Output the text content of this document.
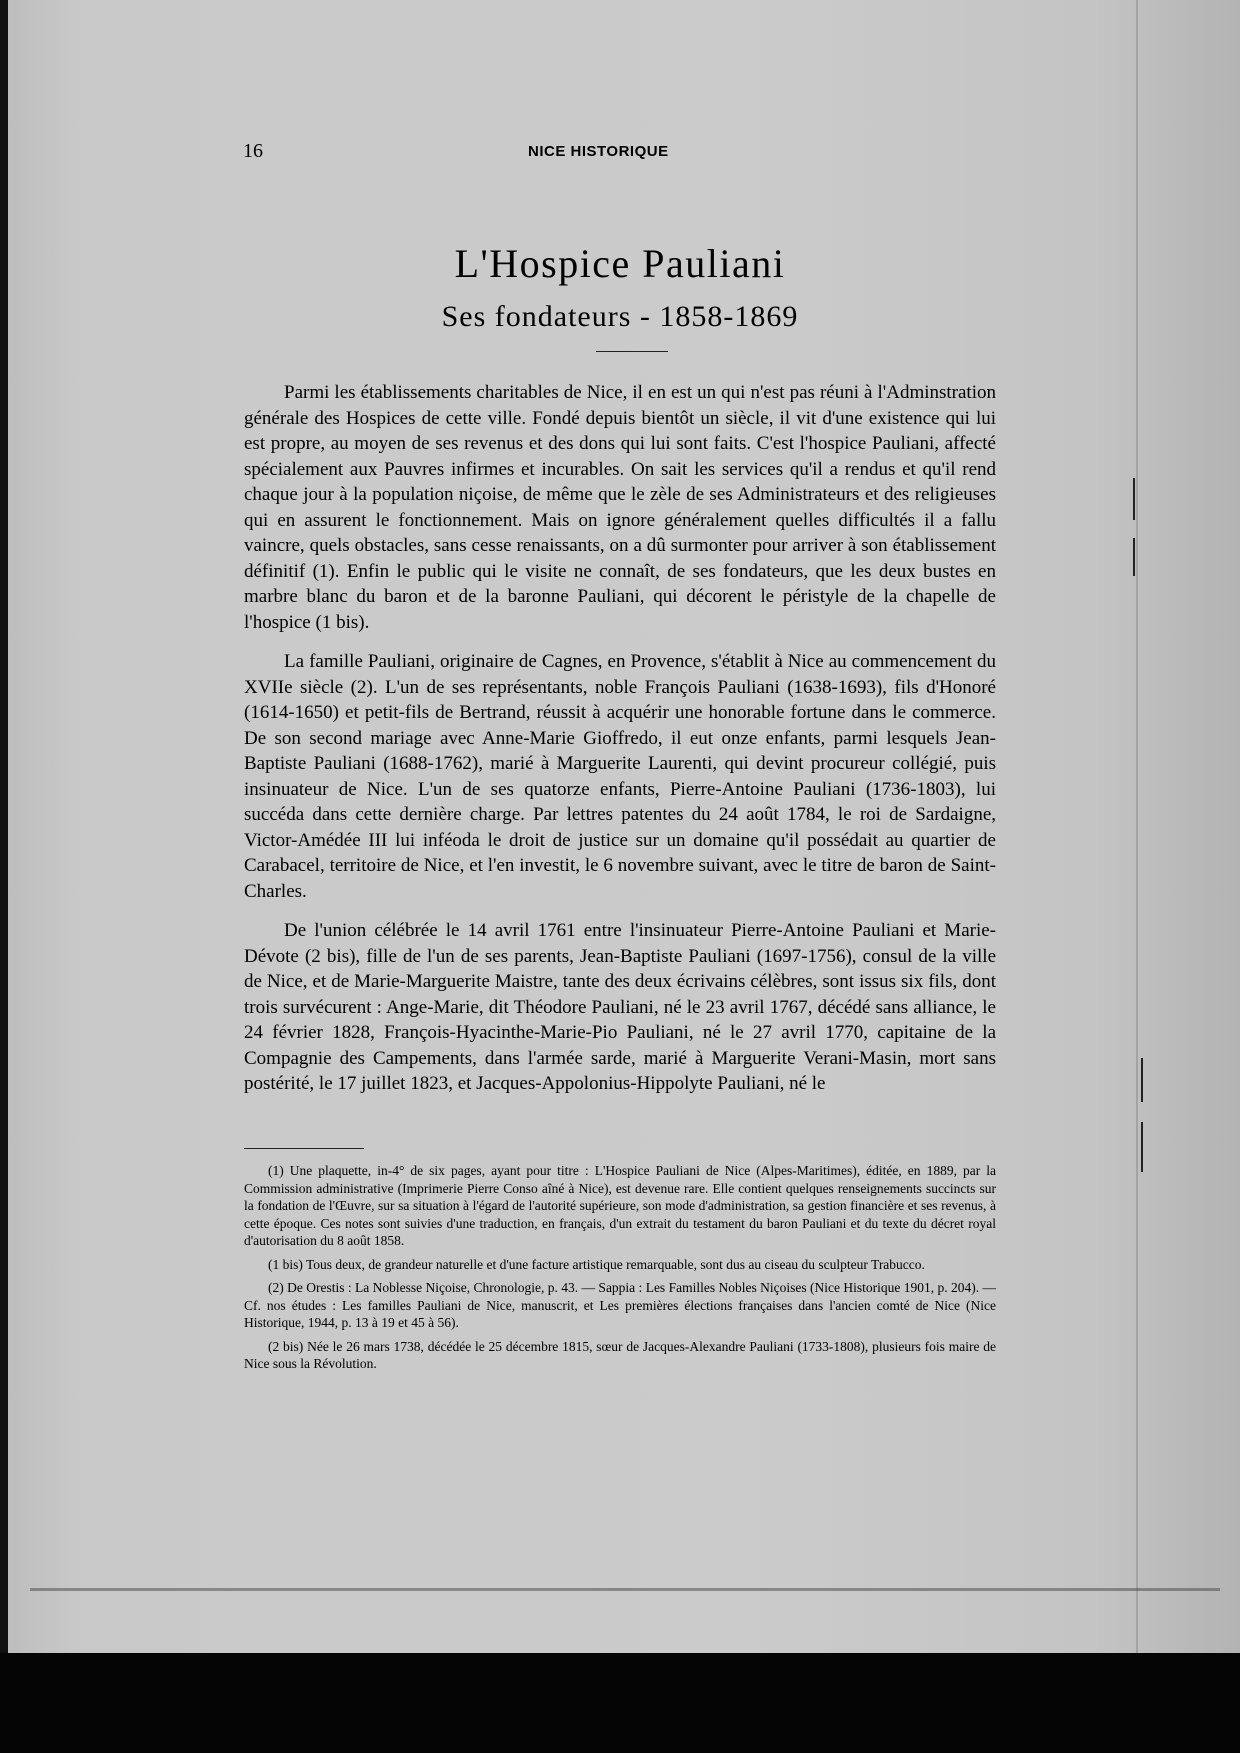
16	NICE HISTORIQUE
L'Hospice Pauliani
Ses fondateurs - 1858-1869

Parmi les établissements charitables de Nice, il en est un qui n'est pas réuni à l'Adminstration générale des Hospices de cette ville. Fondé depuis bientôt un siècle, il vit d'une existence qui lui est propre, au moyen de ses revenus et des dons qui lui sont faits. C'est l'hospice Pauliani, affecté spécialement aux Pauvres infirmes et incurables. On sait les services qu'il a rendus et qu'il rend chaque jour à la population niçoise, de même que le zèle de ses Administrateurs et des religieuses qui en assurent le fonctionnement. Mais on ignore généralement quelles difficultés il a fallu vaincre, quels obstacles, sans cesse renaissants, on a dû surmonter pour arriver à son établissement définitif (1). Enfin le public qui le visite ne connaît, de ses fondateurs, que les deux bustes en marbre blanc du baron et de la baronne Pauliani, qui décorent le péristyle de la chapelle de l'hospice (1 bis).

La famille Pauliani, originaire de Cagnes, en Provence, s'établit à Nice au commencement du XVIIe siècle (2). L'un de ses représentants, noble François Pauliani (1638-1693), fils d'Honoré (1614-1650) et petit-fils de Bertrand, réussit à acquérir une honorable fortune dans le commerce. De son second mariage avec Anne-Marie Gioffredo, il eut onze enfants, parmi lesquels Jean-Baptiste Pauliani (1688-1762), marié à Marguerite Laurenti, qui devint procureur collégié, puis insinuateur de Nice. L'un de ses quatorze enfants, Pierre-Antoine Pauliani (1736-1803), lui succéda dans cette dernière charge. Par lettres patentes du 24 août 1784, le roi de Sardaigne, Victor-Amédée III lui inféoda le droit de justice sur un domaine qu'il possédait au quartier de Carabacel, territoire de Nice, et l'en investit, le 6 novembre suivant, avec le titre de baron de Saint-Charles.

De l'union célébrée le 14 avril 1761 entre l'insinuateur Pierre-Antoine Pauliani et Marie-Dévote (2 bis), fille de l'un de ses parents, Jean-Baptiste Pauliani (1697-1756), consul de la ville de Nice, et de Marie-Marguerite Maistre, tante des deux écrivains célèbres, sont issus six fils, dont trois survécurent : Ange-Marie, dit Théodore Pauliani, né le 23 avril 1767, décédé sans alliance, le 24 février 1828, François-Hyacinthe-Marie-Pio Pauliani, né le 27 avril 1770, capitaine de la Compagnie des Campements, dans l'armée sarde, marié à Marguerite Verani-Masin, mort sans postérité, le 17 juillet 1823, et Jacques-Appolonius-Hippolyte Pauliani, né le

(1) Une plaquette, in-4° de six pages, ayant pour titre : L'Hospice Pauliani de Nice (Alpes-Maritimes), éditée, en 1889, par la Commission administrative (Imprimerie Pierre Conso aîné à Nice), est devenue rare. Elle contient quelques renseignements succincts sur la fondation de l'Œuvre, sur sa situation à l'égard de l'autorité supérieure, son mode d'administration, sa gestion financière et ses revenus, à cette époque. Ces notes sont suivies d'une traduction, en français, d'un extrait du testament du baron Pauliani et du texte du décret royal d'autorisation du 8 août 1858.

(1 bis) Tous deux, de grandeur naturelle et d'une facture artistique remarquable, sont dus au ciseau du sculpteur Trabucco.

(2) De Orestis : La Noblesse Niçoise, Chronologie, p. 43. — Sappia : Les Familles Nobles Niçoises (Nice Historique 1901, p. 204). — Cf. nos études : Les familles Pauliani de Nice, manuscrit, et Les premières élections françaises dans l'ancien comté de Nice (Nice Historique, 1944, p. 13 à 19 et 45 à 56).

(2 bis) Née le 26 mars 1738, décédée le 25 décembre 1815, sœur de Jacques-Alexandre Pauliani (1733-1808), plusieurs fois maire de Nice sous la Révolution.
